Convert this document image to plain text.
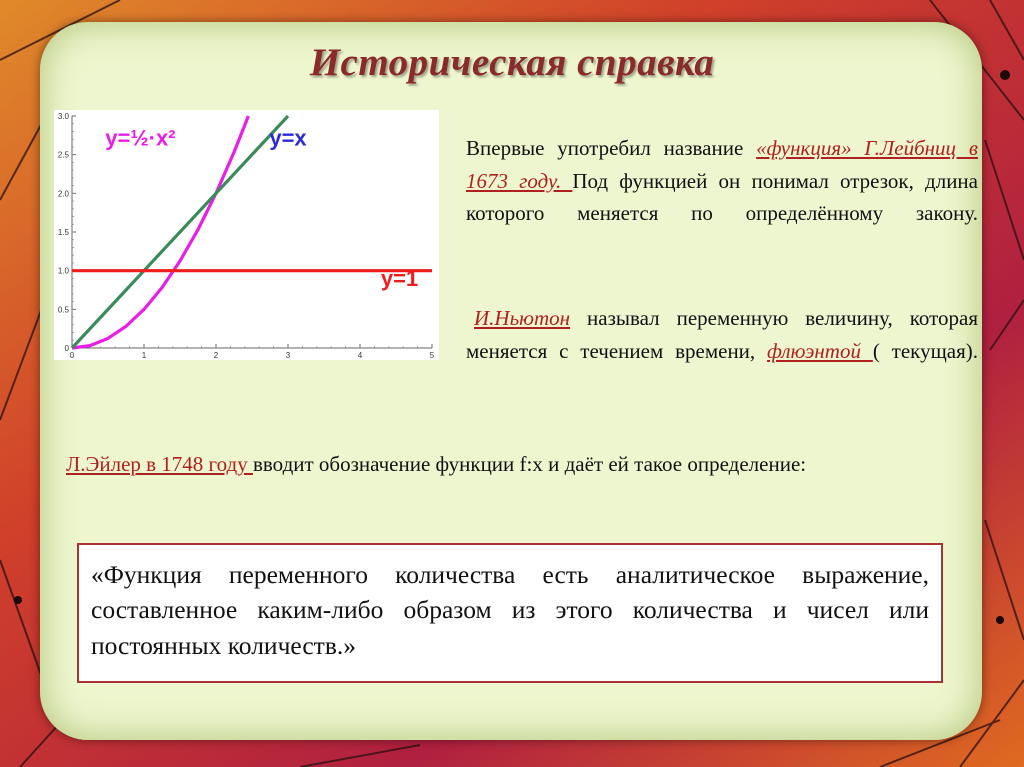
Историческая справка
0	1	2	3	4	5
0
0.5
1.0
1.5
2.0
2.5
3.0
y=½·x²	y=x
y=1
Впервые употребил название «функция» Г.Лейбниц в 1673 году. Под функцией он понимал отрезок, длина которого меняется по определённому закону.
И.Ньютон называл переменную величину, которая меняется с течением времени, флюэнтой ( текущая).
Л.Эйлер в 1748 году вводит обозначение функции f:x и даёт ей такое определение:
«Функция переменного количества есть аналитическое выражение, составленное каким-либо образом из этого количества и чисел или постоянных количеств.»
